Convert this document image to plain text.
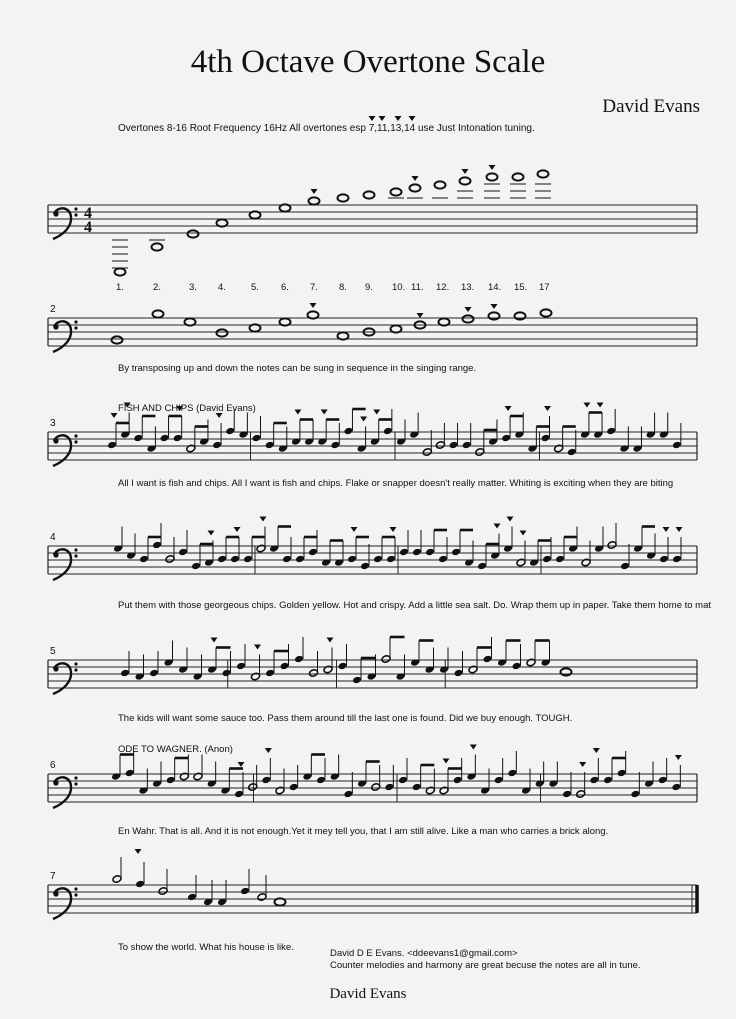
4th Octave Overtone Scale
David Evans
Overtones 8-16 Root Frequency 16Hz All overtones esp 7,11,13,14 use Just Intonation tuning.
4
4
1.	2.	3. 4.	5. 6. 7. 8. 9. 10. 11. 12. 13. 14. 15. 17
2
3
4
5
6
7
By transposing up and down the notes can be sung in sequence in the singing range.
FISH AND CHIPS (David Evans)
All I want is fish and chips. All I want is fish and chips. Flake or snapper doesn't really matter. Whiting is exciting when they are biting
Put them with those georgeous chips. Golden yellow. Hot and crispy. Add a little sea salt. Do. Wrap them up in paper. Take them home to mat
The kids will want some sauce too. Pass them around till the last one is found. Did we buy enough. TOUGH.
ODE TO WAGNER. (Anon)
En Wahr. That is all. And it is not enough.Yet it mey tell you, that I am still alive. Like a man who carries a brick along.
To show the world. What his house is like.
David D E Evans. <ddeevans1@gmail.com>
Counter melodies and harmony are great becuse the notes are all in tune.
David Evans
